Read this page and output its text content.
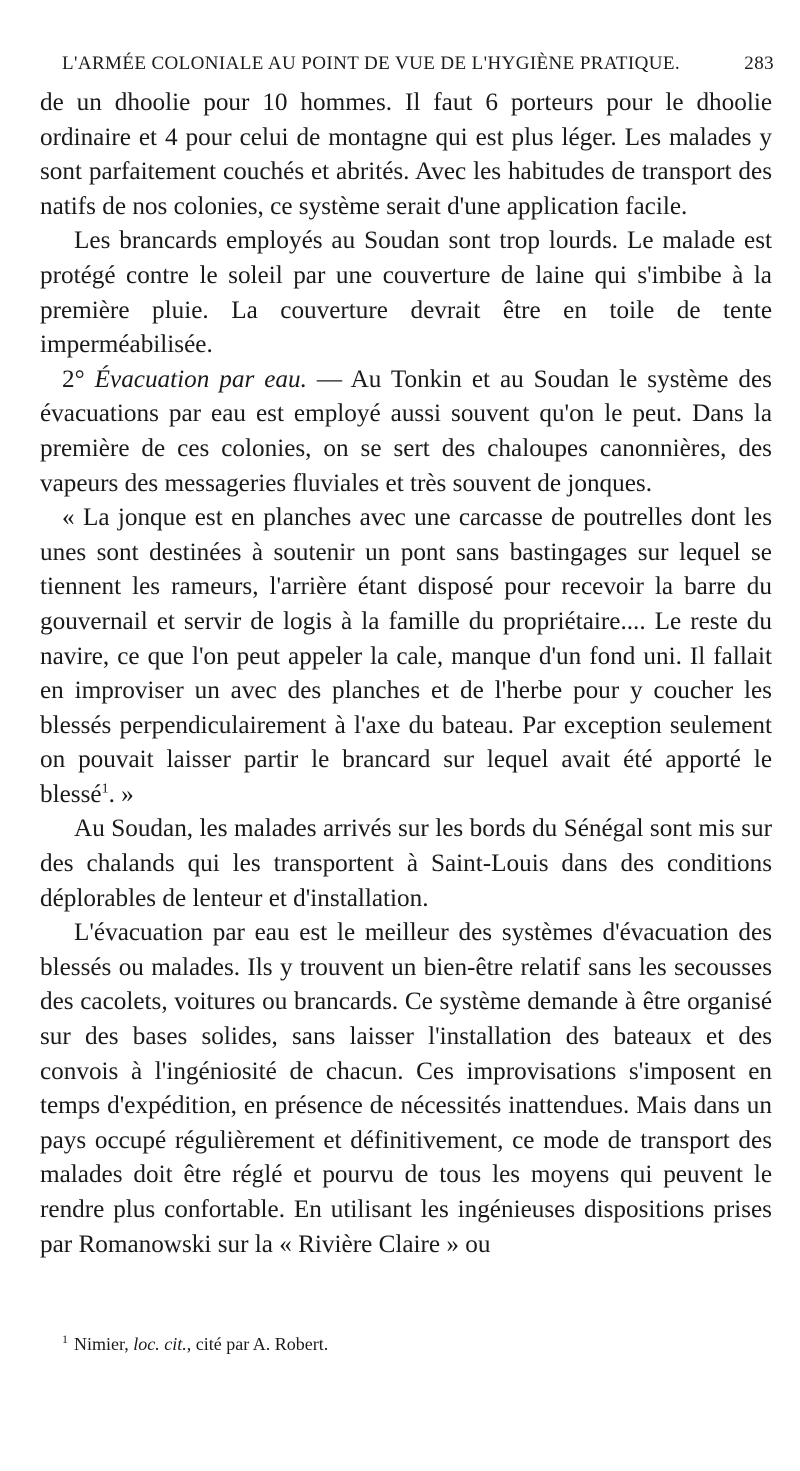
L'ARMÉE COLONIALE AU POINT DE VUE DE L'HYGIÈNE PRATIQUE.	283

de un dhoolie pour 10 hommes. Il faut 6 porteurs pour le dhoolie ordinaire et 4 pour celui de montagne qui est plus léger. Les malades y sont parfaitement couchés et abrités. Avec les habitudes de transport des natifs de nos colonies, ce système serait d'une application facile.

Les brancards employés au Soudan sont trop lourds. Le malade est protégé contre le soleil par une couverture de laine qui s'imbibe à la première pluie. La couverture devrait être en toile de tente imperméabilisée.

2° Évacuation par eau. — Au Tonkin et au Soudan le système des évacuations par eau est employé aussi souvent qu'on le peut. Dans la première de ces colonies, on se sert des chaloupes canonnières, des vapeurs des messageries fluviales et très souvent de jonques.

« La jonque est en planches avec une carcasse de poutrelles dont les unes sont destinées à soutenir un pont sans bastingages sur lequel se tiennent les rameurs, l'arrière étant disposé pour recevoir la barre du gouvernail et servir de logis à la famille du propriétaire.... Le reste du navire, ce que l'on peut appeler la cale, manque d'un fond uni. Il fallait en improviser un avec des planches et de l'herbe pour y coucher les blessés perpendiculairement à l'axe du bateau. Par exception seulement on pouvait laisser partir le brancard sur lequel avait été apporté le blessé$^1$. »

Au Soudan, les malades arrivés sur les bords du Sénégal sont mis sur des chalands qui les transportent à Saint-Louis dans des conditions déplorables de lenteur et d'installation.

L'évacuation par eau est le meilleur des systèmes d'évacuation des blessés ou malades. Ils y trouvent un bien-être relatif sans les secousses des cacolets, voitures ou brancards. Ce système demande à être organisé sur des bases solides, sans laisser l'installation des bateaux et des convois à l'ingéniosité de chacun. Ces improvisations s'imposent en temps d'expédition, en présence de nécessités inattendues. Mais dans un pays occupé régulièrement et définitivement, ce mode de transport des malades doit être réglé et pourvu de tous les moyens qui peuvent le rendre plus confortable. En utilisant les ingénieuses dispositions prises par Romanowski sur la « Rivière Claire » ou

$^1$ Nimier, loc. cit., cité par A. Robert.
